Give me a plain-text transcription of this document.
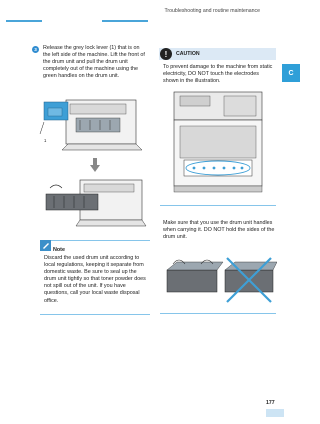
Troubleshooting and routine maintenance
C
3	Release the grey lock lever (1) that is on the left side of the machine. Lift the front of the drum unit and pull the drum unit completely out of the machine using the green handles on the drum unit.
1
Note
Discard the used drum unit according to local regulations, keeping it separate from domestic waste. Be sure to seal up the drum unit tightly so that toner powder does not spill out of the unit. If you have questions, call your local waste disposal office.
!	CAUTION
To prevent damage to the machine from static electricity, DO NOT touch the electrodes shown in the illustration.
Make sure that you use the drum unit handles when carrying it. DO NOT hold the sides of the drum unit.
177
